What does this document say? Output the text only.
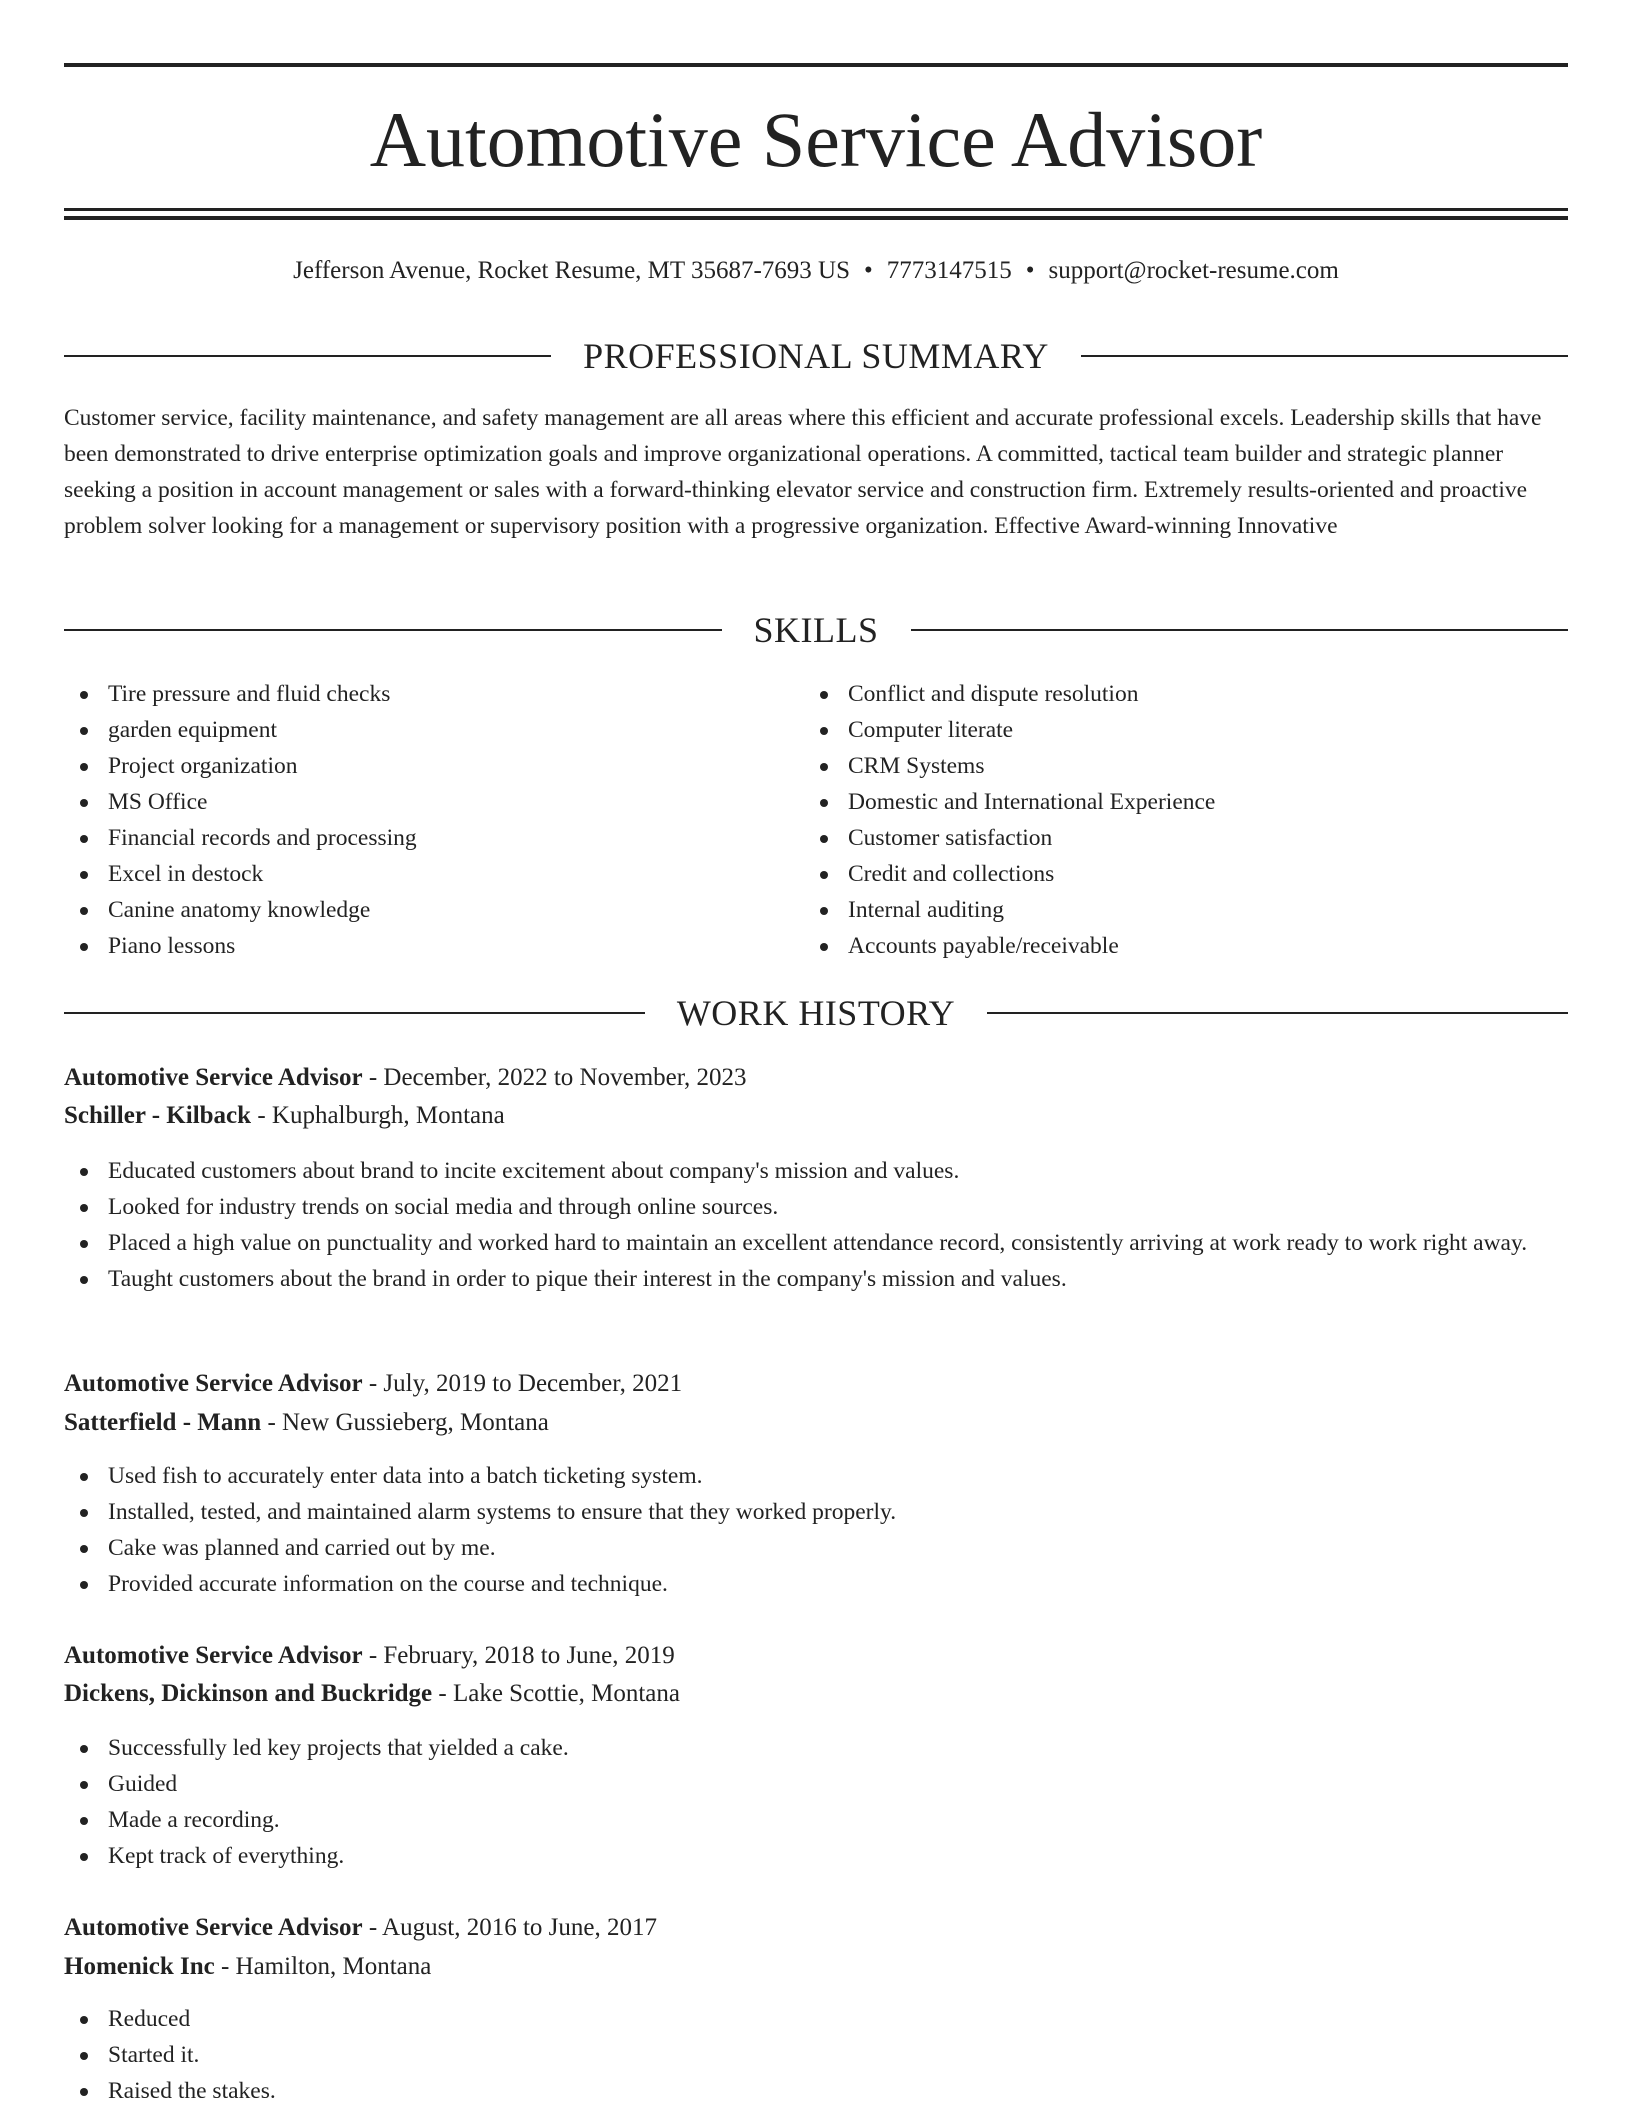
Automotive Service Advisor
Jefferson Avenue, Rocket Resume, MT 35687-7693 US • 7773147515 • support@rocket-resume.com
PROFESSIONAL SUMMARY

Customer service, facility maintenance, and safety management are all areas where this efficient and accurate professional excels. Leadership skills that have been demonstrated to drive enterprise optimization goals and improve organizational operations. A committed, tactical team builder and strategic planner seeking a position in account management or sales with a forward-thinking elevator service and construction firm. Extremely results-oriented and proactive problem solver looking for a management or supervisory position with a progressive organization. Effective Award-winning Innovative

SKILLS
Tire pressure and fluid checks
garden equipment
Project organization
MS Office
Financial records and processing
Excel in destock
Canine anatomy knowledge
Piano lessons
Conflict and dispute resolution
Computer literate
CRM Systems
Domestic and International Experience
Customer satisfaction
Credit and collections
Internal auditing
Accounts payable/receivable
WORK HISTORY
Automotive Service Advisor - December, 2022 to November, 2023
Schiller - Kilback - Kuphalburgh, Montana
Educated customers about brand to incite excitement about company's mission and values.
Looked for industry trends on social media and through online sources.
Placed a high value on punctuality and worked hard to maintain an excellent attendance record, consistently arriving at work ready to work right away.
Taught customers about the brand in order to pique their interest in the company's mission and values.
Automotive Service Advisor - July, 2019 to December, 2021
Satterfield - Mann - New Gussieberg, Montana
Used fish to accurately enter data into a batch ticketing system.
Installed, tested, and maintained alarm systems to ensure that they worked properly.
Cake was planned and carried out by me.
Provided accurate information on the course and technique.
Automotive Service Advisor - February, 2018 to June, 2019
Dickens, Dickinson and Buckridge - Lake Scottie, Montana
Successfully led key projects that yielded a cake.
Guided
Made a recording.
Kept track of everything.
Automotive Service Advisor - August, 2016 to June, 2017
Homenick Inc - Hamilton, Montana
Reduced
Started it.
Raised the stakes.
